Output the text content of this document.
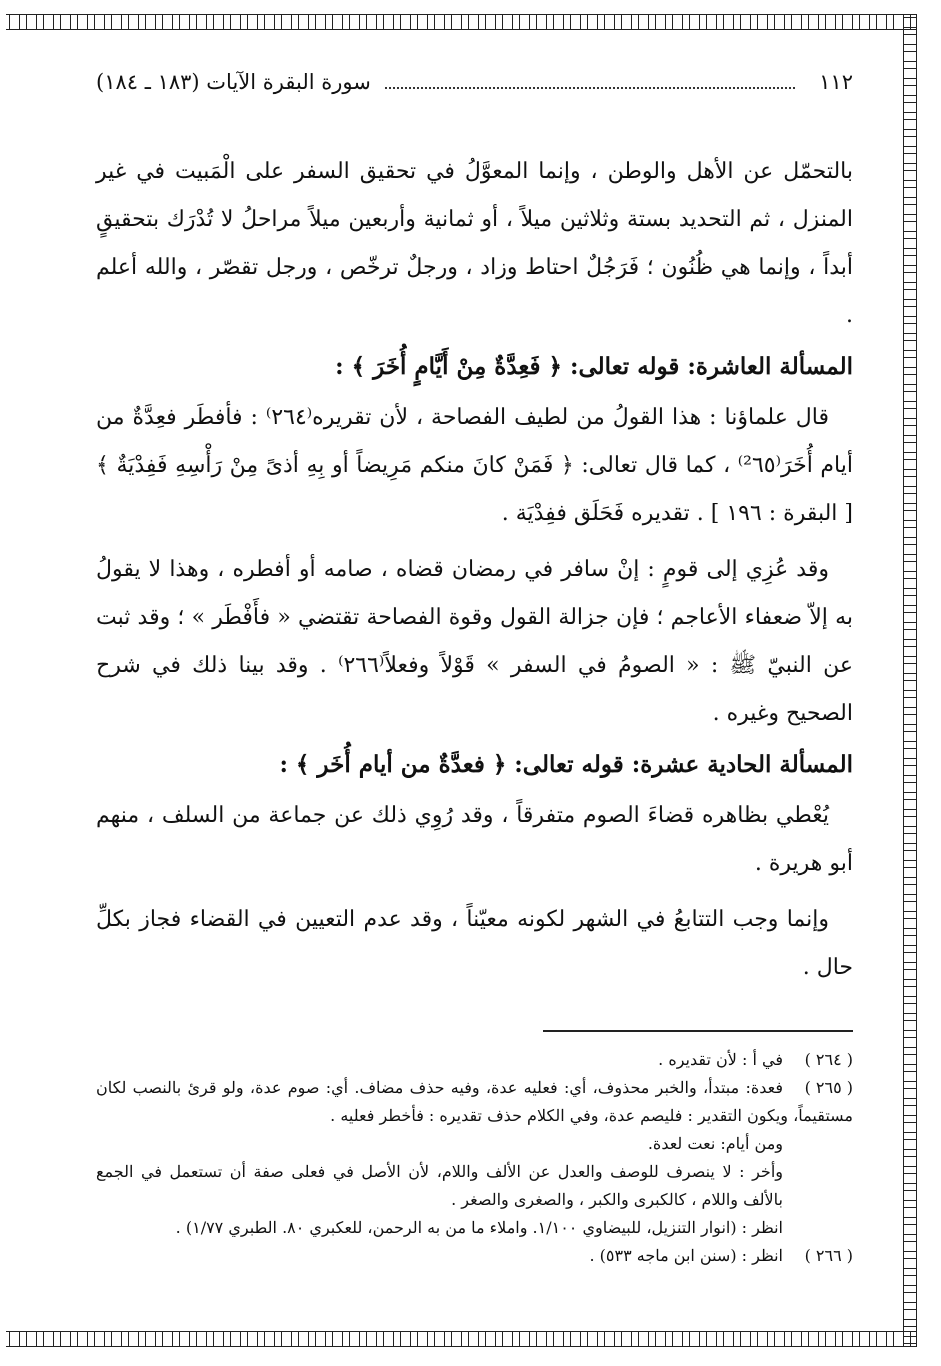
١١٢
سورة البقرة الآيات (١٨٣ ـ ١٨٤)

بالتحمّل عن الأهل والوطن ، وإنما المعوَّلُ في تحقيق السفر على الْمَبيت في غير المنزل ، ثم التحديد بستة وثلاثين ميلاً ، أو ثمانية وأربعين ميلاً مراحلُ لا تُدْرَك بتحقيقٍ أبداً ، وإنما هي ظُنُون ؛ فَرَجُلٌ احتاط وزاد ، ورجلٌ ترخّص ، ورجل تقصّر ، والله أعلم .

المسألة العاشرة: قوله تعالى: ﴿ فَعِدَّةٌ مِنْ أَيَّامٍ أُخَرَ ﴾ :

قال علماؤنا : هذا القولُ من لطيف الفصاحة ، لأن تقريره⁽٢٦٤⁾ : فأفطَر فعِدَّةٌ من أيام أُخَرَ⁽²٦٥⁾ ، كما قال تعالى: ﴿ فَمَنْ كانَ منكم مَرِيضاً أو بِهِ أذىً مِنْ رَأْسِهِ فَفِدْيَةٌ ﴾ [ البقرة : ١٩٦ ] . تقديره فَحَلَق ففِدْيَة .

وقد عُزِي إلى قومٍ : إنْ سافر في رمضان قضاه ، صامه أو أفطره ، وهذا لا يقولُ به إلاّ ضعفاء الأعاجم ؛ فإن جزالة القول وقوة الفصاحة تقتضي « فأَفْطَر » ؛ وقد ثبت عن النبيّ ﷺ : « الصومُ في السفر » قَوْلاً وفعلاً⁽٢٦٦⁾ . وقد بينا ذلك في شرح الصحيح وغيره .

المسألة الحادية عشرة: قوله تعالى: ﴿ فعدَّةٌ من أيام أُخَر ﴾ :

يُعْطي بظاهره قضاءَ الصوم متفرقاً ، وقد رُوِي ذلك عن جماعة من السلف ، منهم أبو هريرة .

وإنما وجب التتابعُ في الشهر لكونه معيّناً ، وقد عدم التعيين في القضاء فجاز بكلِّ حال .

( ٢٦٤ )في أ : لأن تقديره .

( ٢٦٥ )فعدة: مبتدأ، والخبر محذوف، أي: فعليه عدة، وفيه حذف مضاف. أي: صوم عدة، ولو قرئ بالنصب لكان مستقيماً، ويكون التقدير : فليصم عدة، وفي الكلام حذف تقديره : فأخطر فعليه .

ومن أيام: نعت لعدة.

وأخر : لا ينصرف للوصف والعدل عن الألف واللام، لأن الأصل في فعلى صفة أن تستعمل في الجمع بالألف واللام ، كالكبرى والكبر ، والصغرى والصغر .

انظر : (انوار التنزيل، للبيضاوي ١/١٠٠. واملاء ما من به الرحمن، للعكبري ٨٠. الطبري ١/٧٧) .

( ٢٦٦ )انظر : (سنن ابن ماجه ٥٣٣) .
